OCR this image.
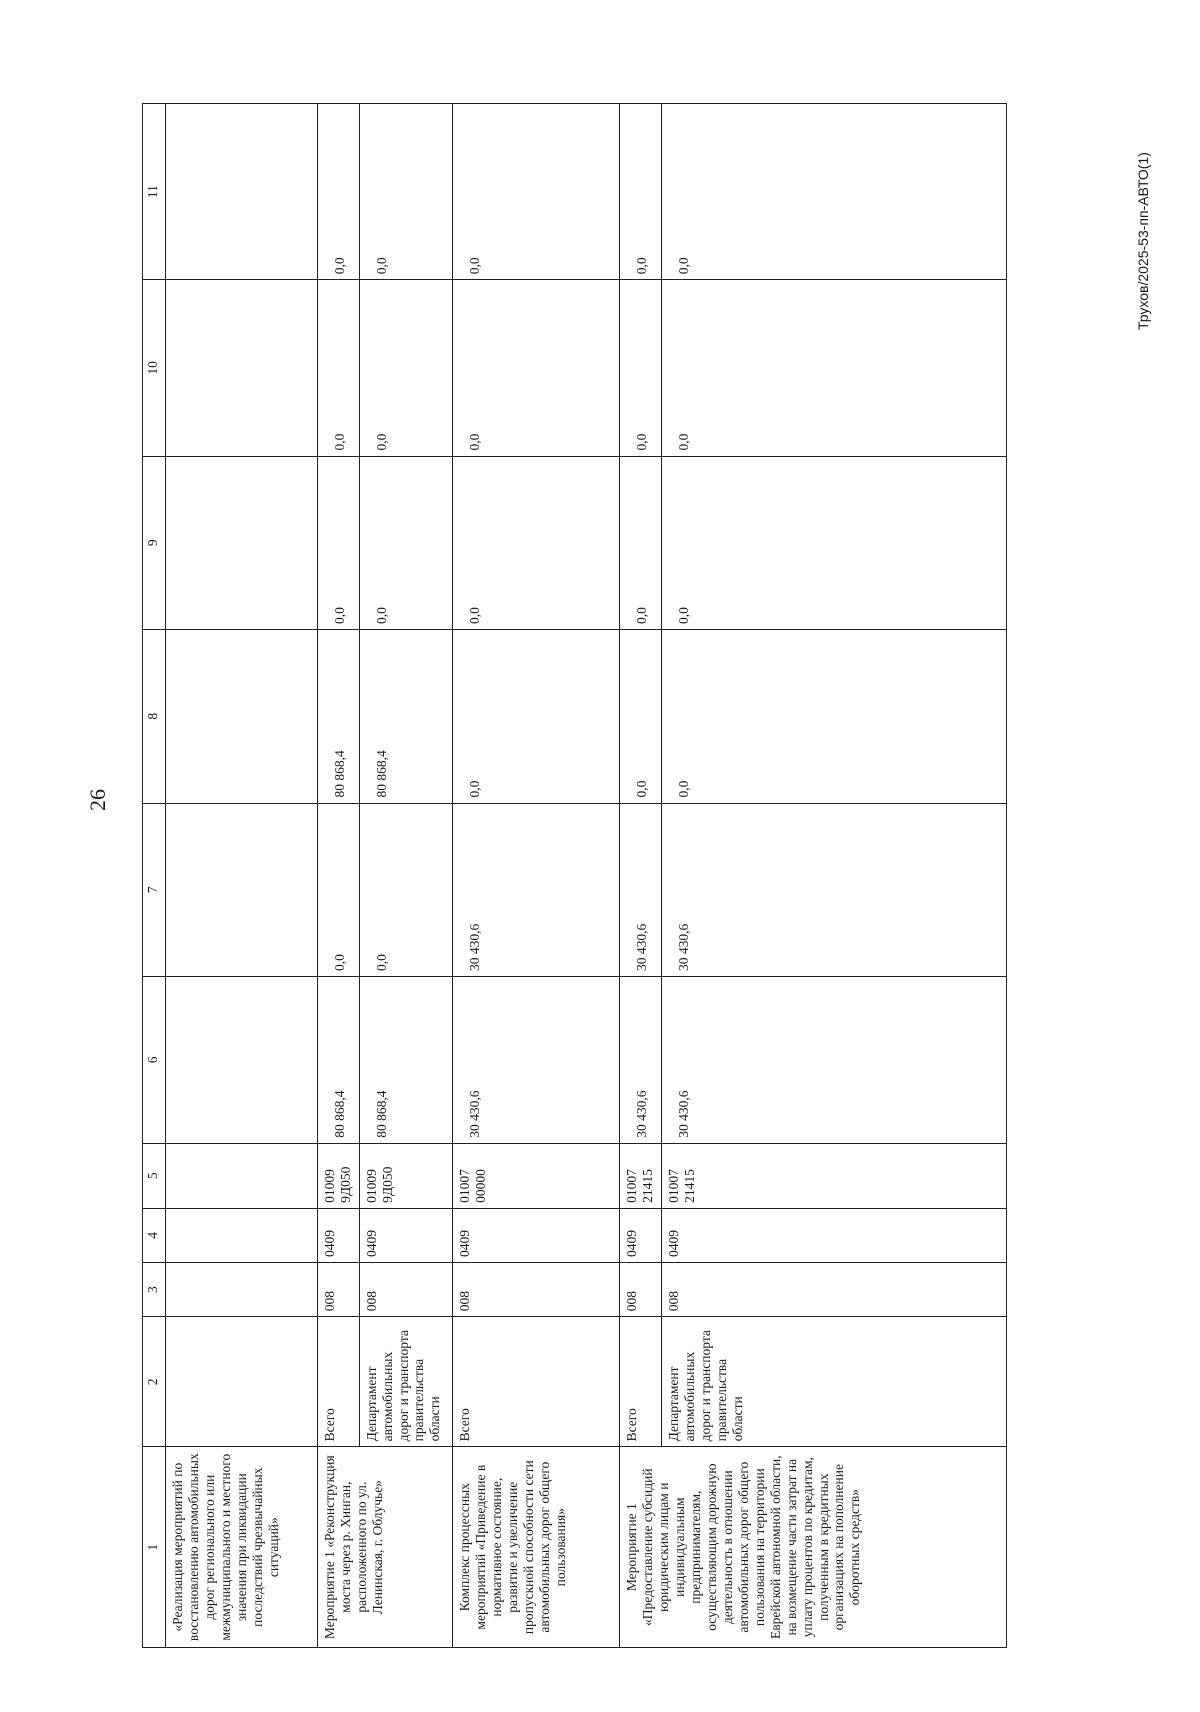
26
Трухов/2025-53-пп-АВТО(1)
1	2	3	4	5	6	7	8	9	10	11
«Реализация мероприятий по восстановлению автомобильных дорог регионального или межмуниципального и местного значения при ликвидации последствий чрезвычайных ситуаций»										
Мероприятие 1 «Реконструкция моста через р. Хинган, расположенного по ул. Ленинская, г. Облучье»	Всего	008	0409	01009 9Д050	80 868,4	0,0	80 868,4	0,0	0,0	0,0
	Департамент автомобильных дорог и транспорта правительства области	008	0409	01009 9Д050	80 868,4	0,0	80 868,4	0,0	0,0	0,0
Комплекс процессных мероприятий «Приведение в нормативное состояние, развитие и увеличение пропускной способности сети автомобильных дорог общего пользования»	Всего	008	0409	01007 00000	30 430,6	30 430,6	0,0	0,0	0,0	0,0
Мероприятие 1 «Предоставление субсидий юридическим лицам и индивидуальным предпринимателям, осуществляющим дорожную деятельность в отношении автомобильных дорог общего пользования на территории Еврейской автономной области, на возмещение части затрат на уплату процентов по кредитам, полученным в кредитных организациях на пополнение оборотных средств»	Всего	008	0409	01007 21415	30 430,6	30 430,6	0,0	0,0	0,0	0,0
	Департамент автомобильных дорог и транспорта правительства области	008	0409	01007 21415	30 430,6	30 430,6	0,0	0,0	0,0	0,0
